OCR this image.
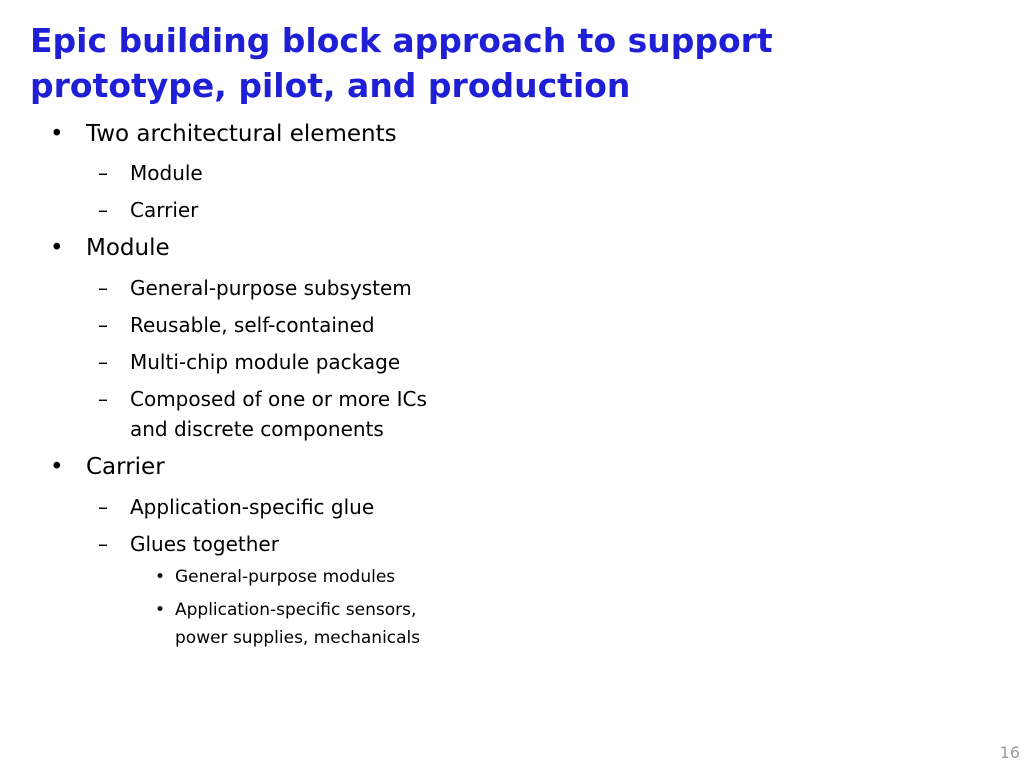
Epic building block approach to support
prototype, pilot, and production
• Two architectural elements
– Module
– Carrier
• Module
– General-purpose subsystem
– Reusable, self-contained
– Multi-chip module package
– Composed of one or more ICs
and discrete components
• Carrier
– Application-specific glue
– Glues together
• General-purpose modules
• Application-specific sensors,
power supplies, mechanicals
16
